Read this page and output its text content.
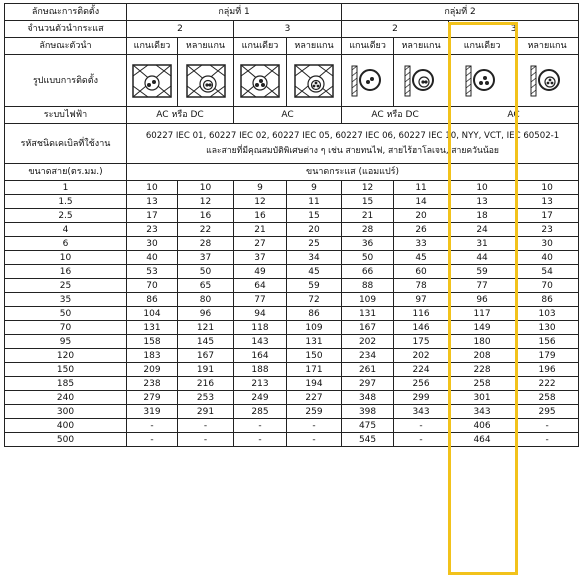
ลักษณะการติดตั้ง	กลุ่มที่ 1				กลุ่มที่ 2			
จำนวนตัวนำกระแส	2		3		2		3	
ลักษณะตัวนำ	แกนเดียว	หลายแกน	แกนเดียว	หลายแกน	แกนเดียว	หลายแกน	แกนเดียว	หลายแกน
รูปแบบการติดตั้ง	

ระบบไฟฟ้า	AC หรือ DC		AC		AC หรือ DC		AC	
รหัสชนิดเคเบิลที่ใช้งาน	60227 IEC 01, 60227 IEC 02, 60227 IEC 05, 60227 IEC 06, 60227 IEC 10, NYY, VCT, IEC 60502-1
และสายที่มีคุณสมบัติพิเศษต่าง ๆ เช่น สายทนไฟ, สายไร้ฮาโลเจน, สายควันน้อย							

ขนาดสาย(ตร.มม.)	ขนาดกระแส (แอมแปร์)							
1	10	10	9	9	12	11	10	10
1.5	13	12	12	11	15	14	13	13
2.5	17	16	16	15	21	20	18	17
4	23	22	21	20	28	26	24	23
6	30	28	27	25	36	33	31	30
10	40	37	37	34	50	45	44	40
16	53	50	49	45	66	60	59	54
25	70	65	64	59	88	78	77	70
35	86	80	77	72	109	97	96	86
50	104	96	94	86	131	116	117	103
70	131	121	118	109	167	146	149	130
95	158	145	143	131	202	175	180	156
120	183	167	164	150	234	202	208	179
150	209	191	188	171	261	224	228	196
185	238	216	213	194	297	256	258	222
240	279	253	249	227	348	299	301	258
300	319	291	285	259	398	343	343	295
400	-	-	-	-	475	-	406	-
500	-	-	-	-	545	-	464	-
